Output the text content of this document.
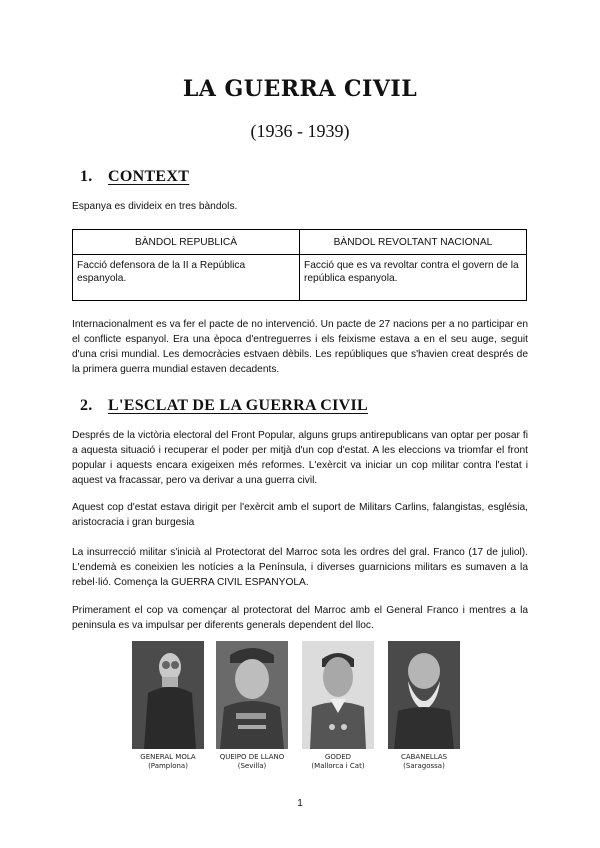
LA GUERRA CIVIL
(1936 - 1939)
1. CONTEXT

Espanya es divideix en tres bàndols.

BÀNDOL REPUBLICÀ	BÀNDOL REVOLTANT NACIONAL
Facció defensora de la II a República espanyola.	Facció que es va revoltar contra el govern de la república espanyola.

Internacionalment es va fer el pacte de no intervenció. Un pacte de 27 nacions per a no participar en el conflicte espanyol. Era una època d'entreguerres i els feixisme estava a en el seu auge, seguit d'una crisi mundial. Les democràcies estvaen dèbils. Les repúbliques que s'havien creat després de la primera guerra mundial estaven decadents.

2. L'ESCLAT DE LA GUERRA CIVIL

Després de la victòria electoral del Front Popular, alguns grups antirepublicans van optar per posar fi a aquesta situació i recuperar el poder per mitjà d'un cop d'estat. A les eleccions va triomfar el front popular i aquests encara exigeixen més reformes. L'exèrcit va iniciar un cop militar contra l'estat i aquest va fracassar, pero va derivar a una guerra civil.

Aquest cop d'estat estava dirigit per l'exèrcit amb el suport de Militars Carlins, falangistas, església, aristocracia i gran burgesia

La insurrecció militar s'inicià al Protectorat del Marroc sota les ordres del gral. Franco (17 de juliol). L'endemà es coneixien les notícies a la Península, i diverses guarnicions militars es sumaven a la rebel·lió. Comença la GUERRA CIVIL ESPANYOLA.

Primerament el cop va començar al protectorat del Marroc amb el General Franco i mentres a la peninsula es va impulsar per diferents generals dependent del lloc.

GENERAL MOLA
(Pamplona)
QUEIPO DE LLANO
(Sevilla)
GODED
(Mallorca i Cat)
CABANELLAS
(Saragossa)
1
